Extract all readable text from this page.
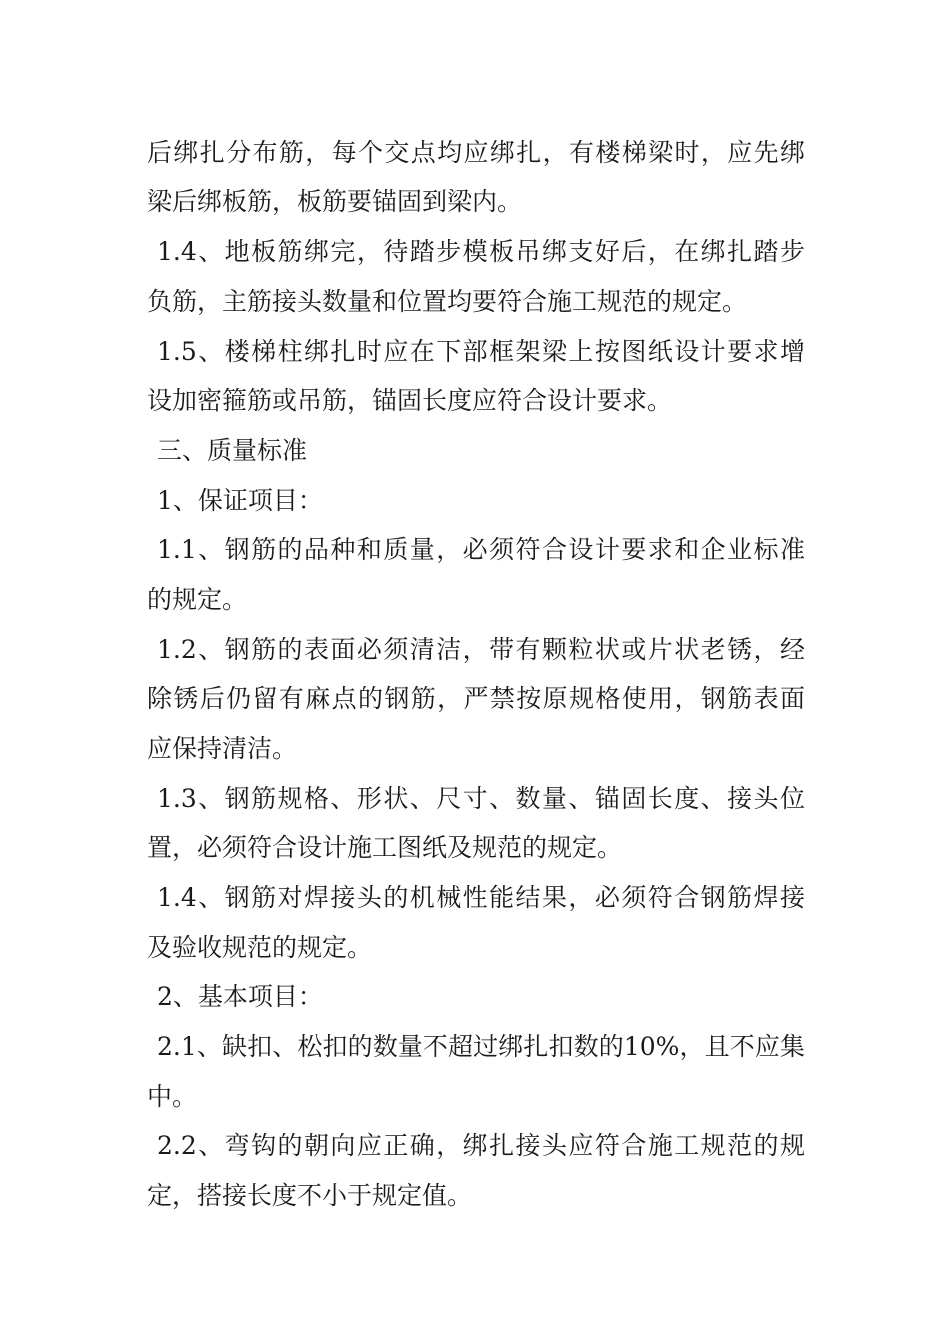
后绑扎分布筋，每个交点均应绑扎，有楼梯梁时，应先绑

梁后绑板筋，板筋要锚固到梁内。

1.4、地板筋绑完，待踏步模板吊绑支好后，在绑扎踏步

负筋，主筋接头数量和位置均要符合施工规范的规定。

1.5、楼梯柱绑扎时应在下部框架梁上按图纸设计要求增

设加密箍筋或吊筋，锚固长度应符合设计要求。

三、质量标准

1、保证项目：

1.1、钢筋的品种和质量，必须符合设计要求和企业标准

的规定。

1.2、钢筋的表面必须清洁，带有颗粒状或片状老锈，经

除锈后仍留有麻点的钢筋，严禁按原规格使用，钢筋表面

应保持清洁。

1.3、钢筋规格、形状、尺寸、数量、锚固长度、接头位

置，必须符合设计施工图纸及规范的规定。

1.4、钢筋对焊接头的机械性能结果，必须符合钢筋焊接

及验收规范的规定。

2、基本项目：

2.1、缺扣、松扣的数量不超过绑扎扣数的10%，且不应集

中。

2.2、弯钩的朝向应正确，绑扎接头应符合施工规范的规

定，搭接长度不小于规定值。
